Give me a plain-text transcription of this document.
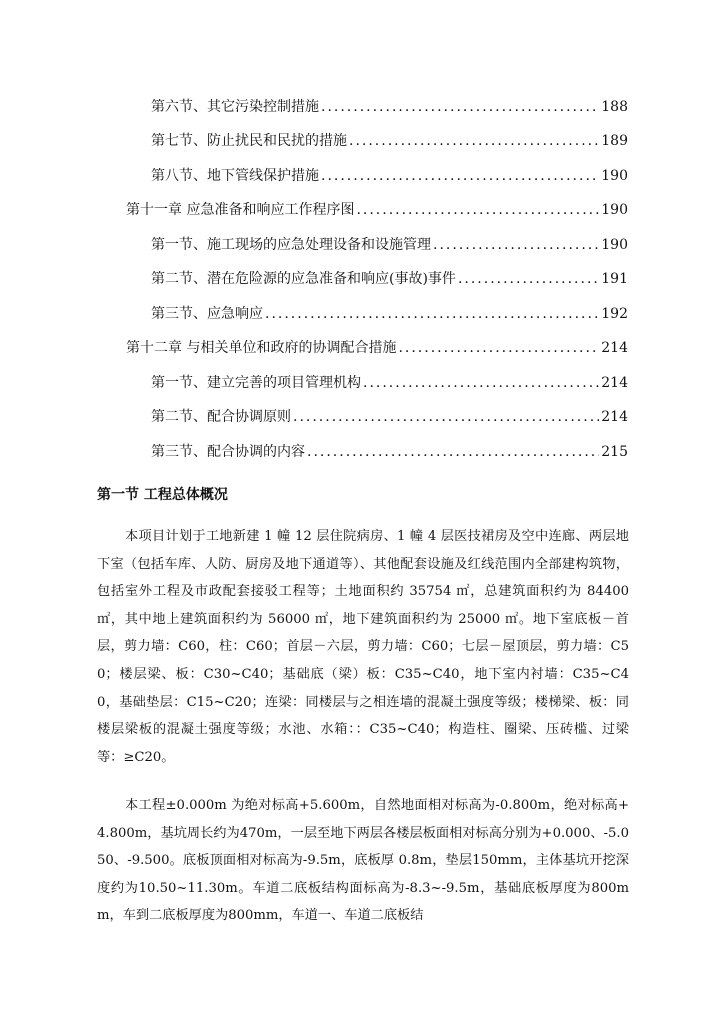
第六节、其它污染控制措施 .....	188
第七节、防止扰民和民扰的措施 .....	189
第八节、地下管线保护措施 .....	190
第十一章 应急准备和响应工作程序图 .....	190
第一节、施工现场的应急处理设备和设施管理 .....	190
第二节、潜在危险源的应急准备和响应(事故)事件 .....	191
第三节、应急响应 .....	192
第十二章 与相关单位和政府的协调配合措施 .....	214
第一节、建立完善的项目管理机构 .....	214
第二节、配合协调原则 .....	214
第三节、配合协调的内容 .....	215
第一节 工程总体概况

本项目计划于工地新建 1 幢 12 层住院病房、1 幢 4 层医技裙房及空中连廊、两层地下室（包括车库、人防、厨房及地下通道等）、其他配套设施及红线范围内全部建构筑物，包括室外工程及市政配套接驳工程等；土地面积约 35754 ㎡，总建筑面积约为 84400 ㎡，其中地上建筑面积约为 56000 ㎡，地下建筑面积约为 25000 ㎡。地下室底板－首层，剪力墙：C60，柱：C60；首层－六层，剪力墙：C60；七层－屋顶层，剪力墙：C50；楼层梁、板：C30~C40；基础底（梁）板：C35~C40，地下室内衬墙：C35~C40，基础垫层：C15~C20；连梁：同楼层与之相连墙的混凝土强度等级；楼梯梁、板：同楼层梁板的混凝土强度等级；水池、水箱：：C35~C40；构造柱、圈梁、压砖槛、过梁等：≥C20。

本工程±0.000m 为绝对标高+5.600m，自然地面相对标高为-0.800m，绝对标高+4.800m，基坑周长约为470m，一层至地下两层各楼层板面相对标高分别为+0.000、-5.050、-9.500。底板顶面相对标高为-9.5m，底板厚 0.8m，垫层150mm，主体基坑开挖深度约为10.50~11.30m。车道二底板结构面标高为-8.3~-9.5m，基础底板厚度为800mm，车到二底板厚度为800mm，车道一、车道二底板结
